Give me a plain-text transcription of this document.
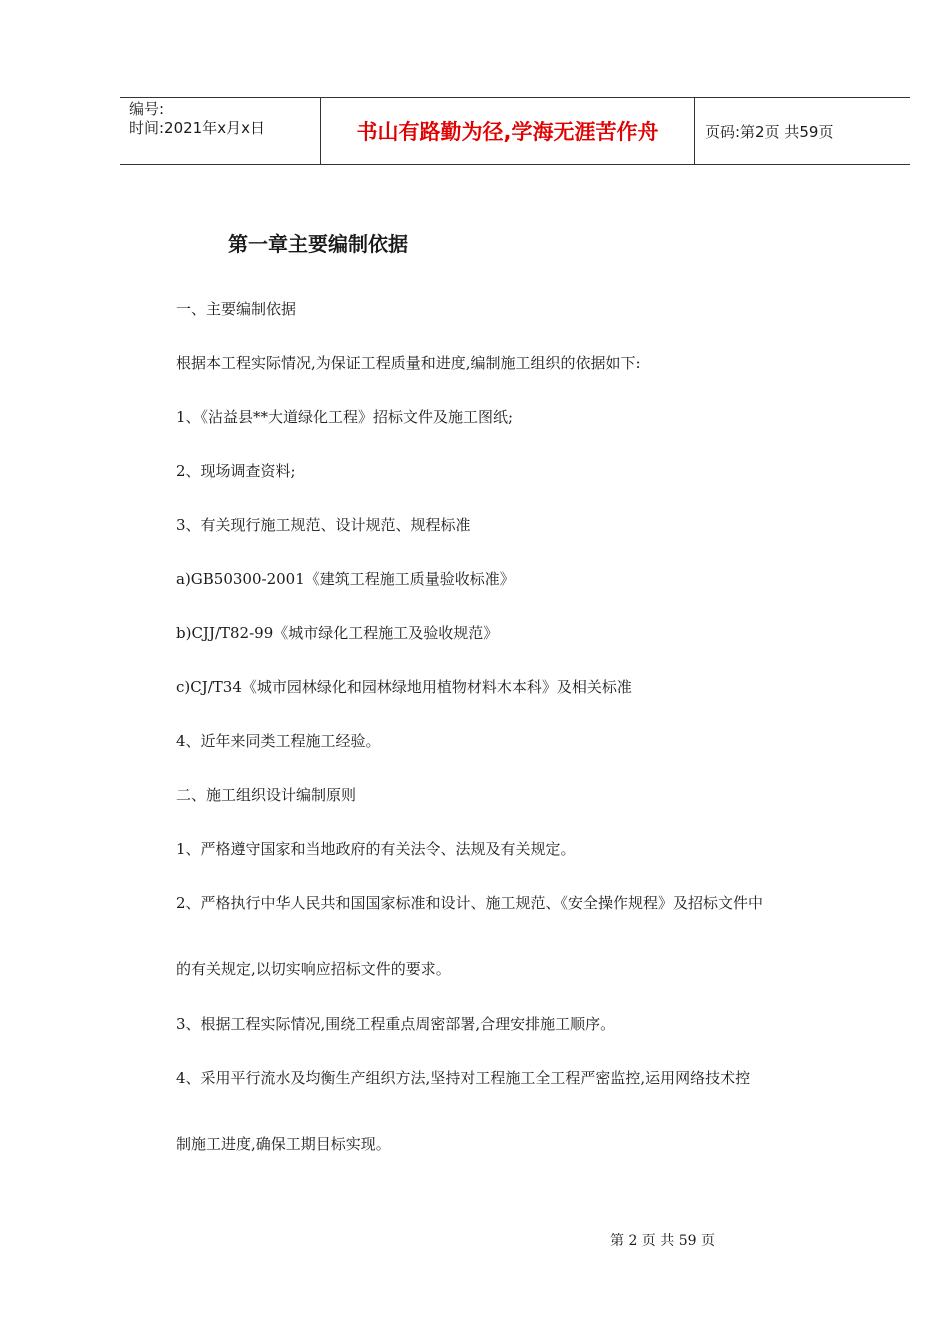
编号:
时间:2021年x月x日	书山有路勤为径,学海无涯苦作舟	页码:第2页 共59页
第一章主要编制依据
一、主要编制依据
根据本工程实际情况,为保证工程质量和进度,编制施工组织的依据如下:
1、《沾益县**大道绿化工程》招标文件及施工图纸;
2、现场调查资料;
3、有关现行施工规范、设计规范、规程标准
a)GB50300-2001《建筑工程施工质量验收标准》
b)CJJ/T82-99《城市绿化工程施工及验收规范》
c)CJ/T34《城市园林绿化和园林绿地用植物材料木本科》及相关标准
4、近年来同类工程施工经验。
二、施工组织设计编制原则
1、严格遵守国家和当地政府的有关法令、法规及有关规定。
2、严格执行中华人民共和国国家标准和设计、施工规范、《安全操作规程》及招标文件中
的有关规定,以切实响应招标文件的要求。
3、根据工程实际情况,围绕工程重点周密部署,合理安排施工顺序。
4、采用平行流水及均衡生产组织方法,坚持对工程施工全工程严密监控,运用网络技术控
制施工进度,确保工期目标实现。
第 2 页 共 59 页
